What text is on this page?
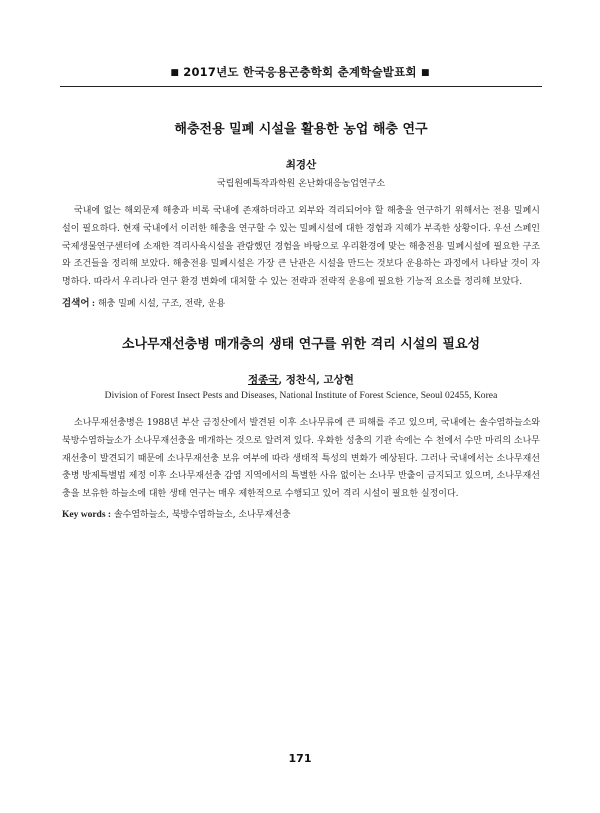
■ 2017년도 한국응용곤충학회 춘계학술발표회 ■
해충전용 밀폐 시설을 활용한 농업 해충 연구
최경산
국립원예특작과학원 온난화대응농업연구소
국내에 없는 해외문제 해충과 비록 국내에 존재하더라고 외부와 격리되어야 할 해충을 연구하기 위해서는 전용 밀폐시설이 필요하다. 현재 국내에서 이러한 해충을 연구할 수 있는 밀폐시설에 대한 경험과 지혜가 부족한 상황이다. 우선 스페인 국제생물연구센터에 소재한 격리사육시설을 관람했던 경험을 바탕으로 우리환경에 맞는 해충전용 밀폐시설에 필요한 구조와 조건들을 정리해 보았다. 해충전용 밀폐시설은 가장 큰 난관은 시설을 만드는 것보다 운용하는 과정에서 나타날 것이 자명하다. 따라서 우리나라 연구 환경 변화에 대처할 수 있는 전략과 전략적 운용에 필요한 기능적 요소를 정리해 보았다.
검색어 : 해충 밀폐 시설, 구조, 전략, 운용
소나무재선충병 매개충의 생태 연구를 위한 격리 시설의 필요성
정종국, 정찬식, 고상현
Division of Forest Insect Pests and Diseases, National Institute of Forest Science, Seoul 02455, Korea
소나무재선충병은 1988년 부산 금정산에서 발견된 이후 소나무류에 큰 피해를 주고 있으며, 국내에는 솔수염하늘소와 북방수염하늘소가 소나무재선충을 매개하는 것으로 알려져 있다. 우화한 성충의 기관 속에는 수 천에서 수만 마리의 소나무재선충이 발견되기 때문에 소나무재선충 보유 여부에 따라 생태적 특성의 변화가 예상된다. 그러나 국내에서는 소나무재선충병 방제특별법 제정 이후 소나무재선충 감염 지역에서의 특별한 사유 없이는 소나무 반출이 금지되고 있으며, 소나무재선충을 보유한 하늘소에 대한 생태 연구는 매우 제한적으로 수행되고 있어 격리 시설이 필요한 실정이다.
Key words : 솔수염하늘소, 북방수염하늘소, 소나무재선충
171
